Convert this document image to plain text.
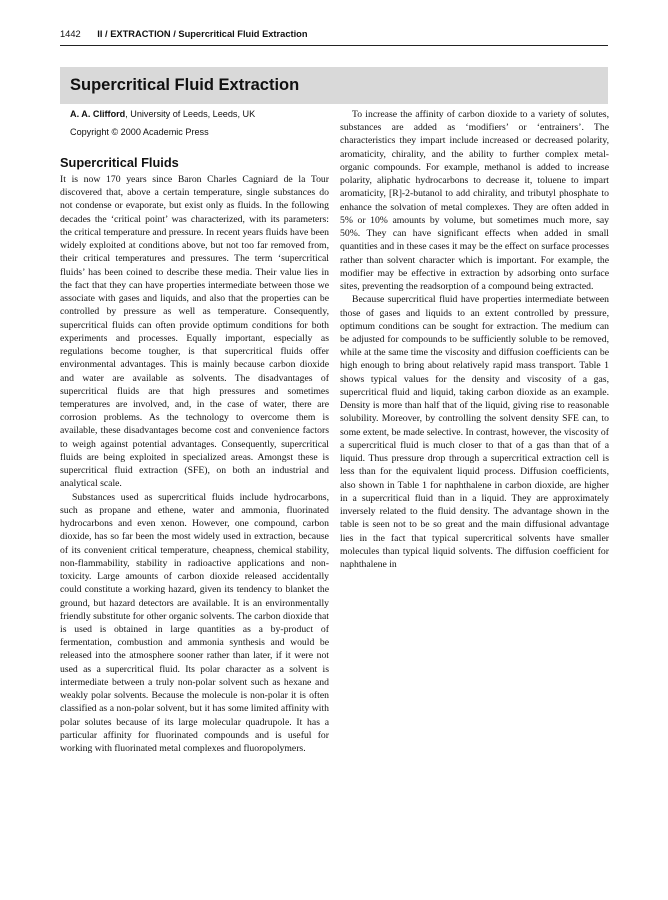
1442 II / EXTRACTION / Supercritical Fluid Extraction
Supercritical Fluid Extraction
A. A. Clifford, University of Leeds, Leeds, UK
Copyright © 2000 Academic Press
Supercritical Fluids

It is now 170 years since Baron Charles Cagniard de la Tour discovered that, above a certain temperature, single substances do not condense or evaporate, but exist only as fluids. In the following decades the ‘critical point’ was characterized, with its parameters: the critical temperature and pressure. In recent years fluids have been widely exploited at conditions above, but not too far removed from, their critical temperatures and pressures. The term ‘supercritical fluids’ has been coined to describe these media. Their value lies in the fact that they can have properties intermediate between those we associate with gases and liquids, and also that the properties can be controlled by pressure as well as temperature. Consequently, supercritical fluids can often provide optimum conditions for both experiments and processes. Equally important, especially as regulations become tougher, is that supercritical fluids offer environmental advantages. This is mainly because carbon dioxide and water are available as solvents. The disadvantages of supercritical fluids are that high pressures and sometimes temperatures are involved, and, in the case of water, there are corrosion problems. As the technology to overcome them is available, these disadvantages become cost and convenience factors to weigh against potential advantages. Consequently, supercritical fluids are being exploited in specialized areas. Amongst these is supercritical fluid extraction (SFE), on both an industrial and analytical scale.

Substances used as supercritical fluids include hydrocarbons, such as propane and ethene, water and ammonia, fluorinated hydrocarbons and even xenon. However, one compound, carbon dioxide, has so far been the most widely used in extraction, because of its convenient critical temperature, cheapness, chemical stability, non-flammability, stability in radioactive applications and non-toxicity. Large amounts of carbon dioxide released accidentally could constitute a working hazard, given its tendency to blanket the ground, but hazard detectors are available. It is an environmentally friendly substitute for other organic solvents. The carbon dioxide that is used is obtained in large quantities as a by-product of fermentation, combustion and ammonia synthesis and would be released into the atmosphere sooner rather than later, if it were not used as a supercritical fluid. Its polar character as a solvent is intermediate between a truly non-polar solvent such as hexane and weakly polar solvents. Because the molecule is non-polar it is often classified as a non-polar solvent, but it has some limited affinity with polar solutes because of its large molecular quadrupole. It has a particular affinity for fluorinated compounds and is useful for working with fluorinated metal complexes and fluoropolymers.

To increase the affinity of carbon dioxide to a variety of solutes, substances are added as ‘modifiers’ or ‘entrainers’. The characteristics they impart include increased or decreased polarity, aromaticity, chirality, and the ability to further complex metal-organic compounds. For example, methanol is added to increase polarity, aliphatic hydrocarbons to decrease it, toluene to impart aromaticity, [R]-2-butanol to add chirality, and tributyl phosphate to enhance the solvation of metal complexes. They are often added in 5% or 10% amounts by volume, but sometimes much more, say 50%. They can have significant effects when added in small quantities and in these cases it may be the effect on surface processes rather than solvent character which is important. For example, the modifier may be effective in extraction by adsorbing onto surface sites, preventing the readsorption of a compound being extracted.

Because supercritical fluid have properties intermediate between those of gases and liquids to an extent controlled by pressure, optimum conditions can be sought for extraction. The medium can be adjusted for compounds to be sufficiently soluble to be removed, while at the same time the viscosity and diffusion coefficients can be high enough to bring about relatively rapid mass transport. Table 1 shows typical values for the density and viscosity of a gas, supercritical fluid and liquid, taking carbon dioxide as an example. Density is more than half that of the liquid, giving rise to reasonable solubility. Moreover, by controlling the solvent density SFE can, to some extent, be made selective. In contrast, however, the viscosity of a supercritical fluid is much closer to that of a gas than that of a liquid. Thus pressure drop through a supercritical extraction cell is less than for the equivalent liquid process. Diffusion coefficients, also shown in Table 1 for naphthalene in carbon dioxide, are higher in a supercritical fluid than in a liquid. They are approximately inversely related to the fluid density. The advantage shown in the table is seen not to be so great and the main diffusional advantage lies in the fact that typical supercritical solvents have smaller molecules than typical liquid solvents. The diffusion coefficient for naphthalene in
